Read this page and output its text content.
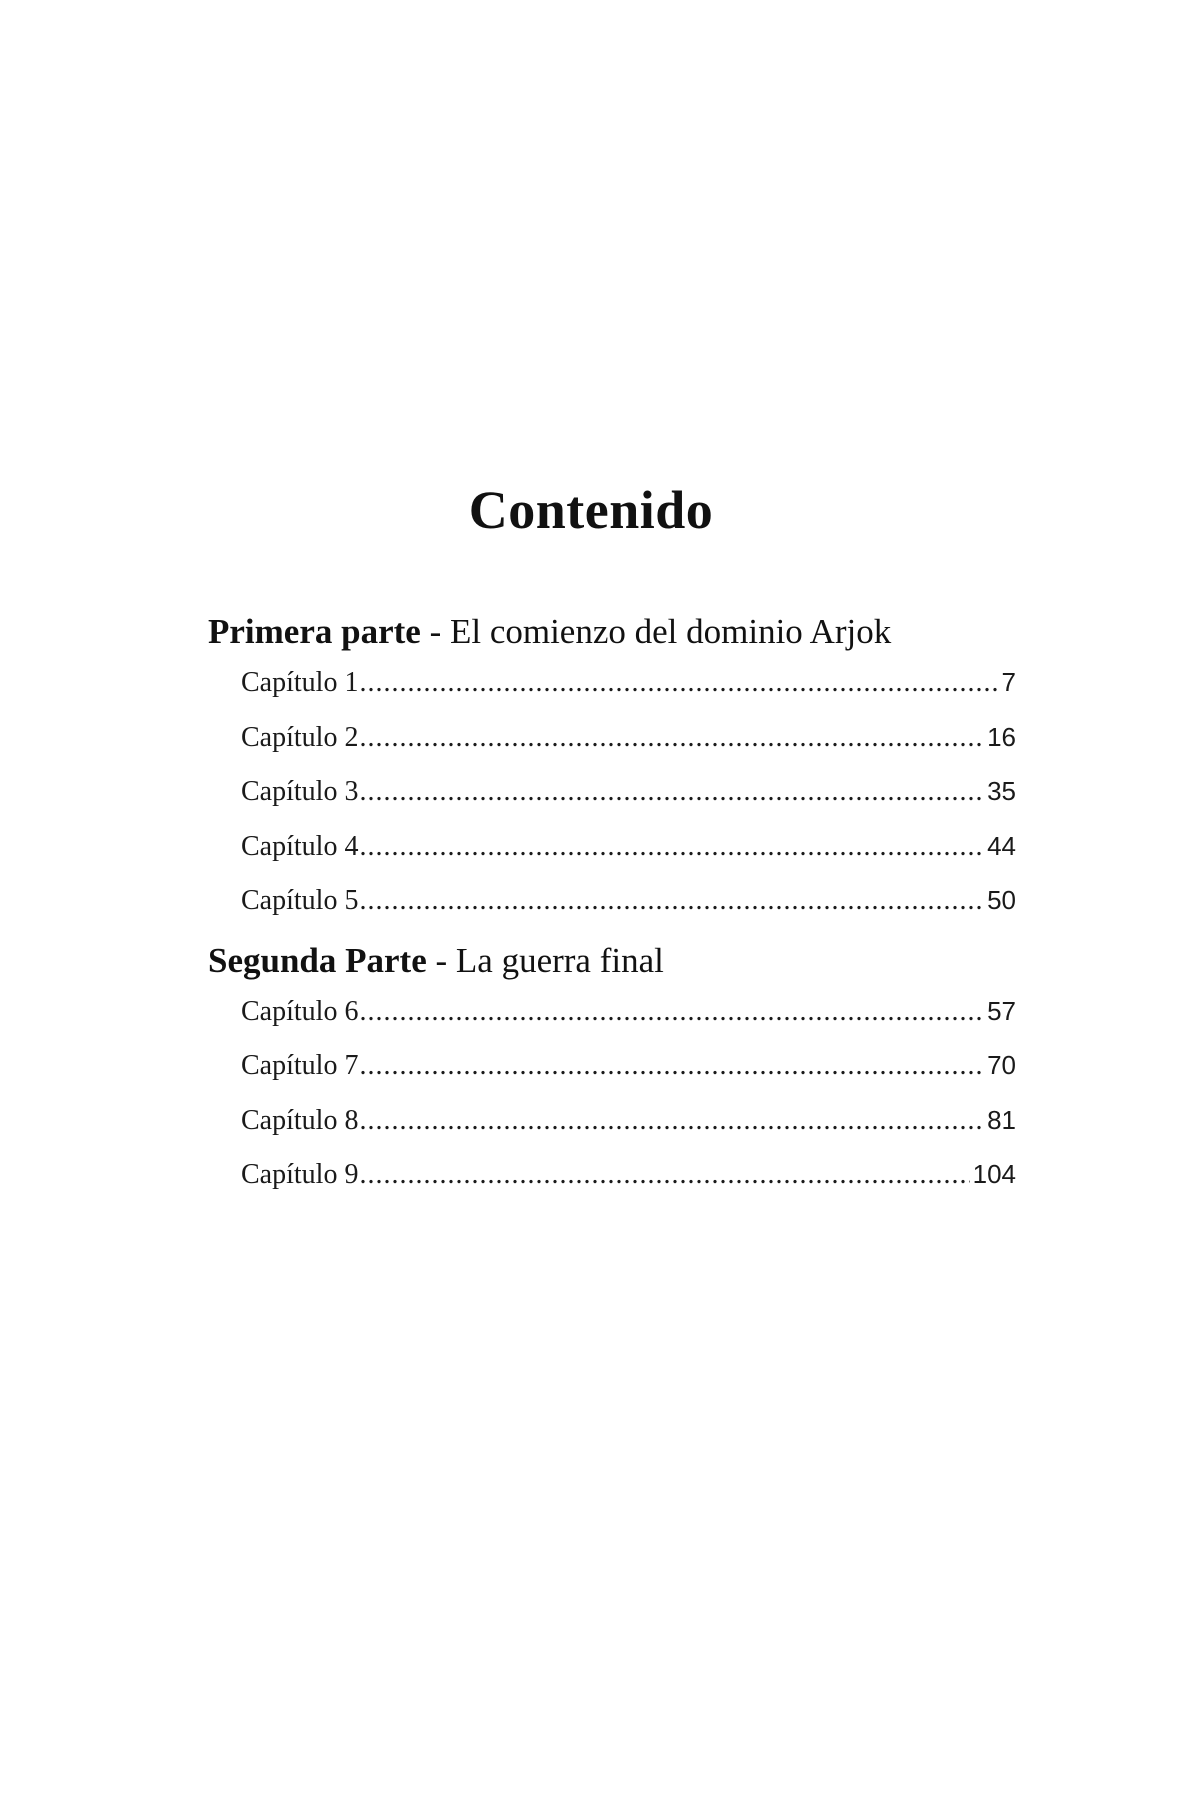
Contenido
Primera parte - El comienzo del dominio Arjok
Capítulo 1 .....	7
Capítulo 2 .....	16
Capítulo 3 .....	35
Capítulo 4 .....	44
Capítulo 5 .....	50
Segunda Parte - La guerra final
Capítulo 6 .....	57
Capítulo 7 .....	70
Capítulo 8 .....	81
Capítulo 9 .....	104
